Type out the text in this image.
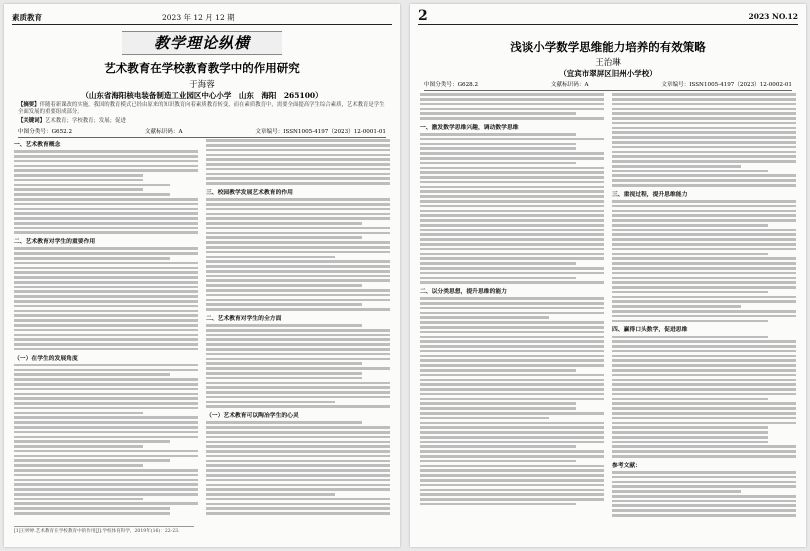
素质教育	2023 年 12 月 12 期
教学理论纵横
艺术教育在学校教育教学中的作用研究
于海蓉
（山东省海阳核电装备制造工业园区中心小学　山东　海阳　265100）
【摘要】伴随着新课改的实施，我国的教育模式已经由原来的知识教育向着素质教育转变，而在素质教育中，需要全面提高学生综合素质，艺术教育是学生全面发展的重要组成部分。
【关键词】艺术教育；学校教育；发展；促进
中图分类号：G652.2	文献标识码：A	文章编号：ISSN1005-4197（2023）12-0001-01
一、艺术教育概念
二、艺术教育对学生的重要作用
（一）在学生的发展角度
三、校园教学发展艺术教育的作用
二、艺术教育对学生的全方面
（一）艺术教育可以陶冶学生的心灵
[1]王婷婷.艺术教育在学校教育中的作用[J].学校体育科学，2019年(16)：22-23.
2	2023 NO.12
浅谈小学数学思维能力培养的有效策略
王治琳
（宜宾市翠屏区旧州小学校）
中图分类号：G628.2	文献标识码：A	文章编号：ISSN1005-4197（2023）12-0002-01
一、激发数学思维兴趣，调动数学思维
二、以分类思想，提升思维的能力
三、重视过程，提升思维能力
四、赢得口头数学，促进思维
参考文献：
